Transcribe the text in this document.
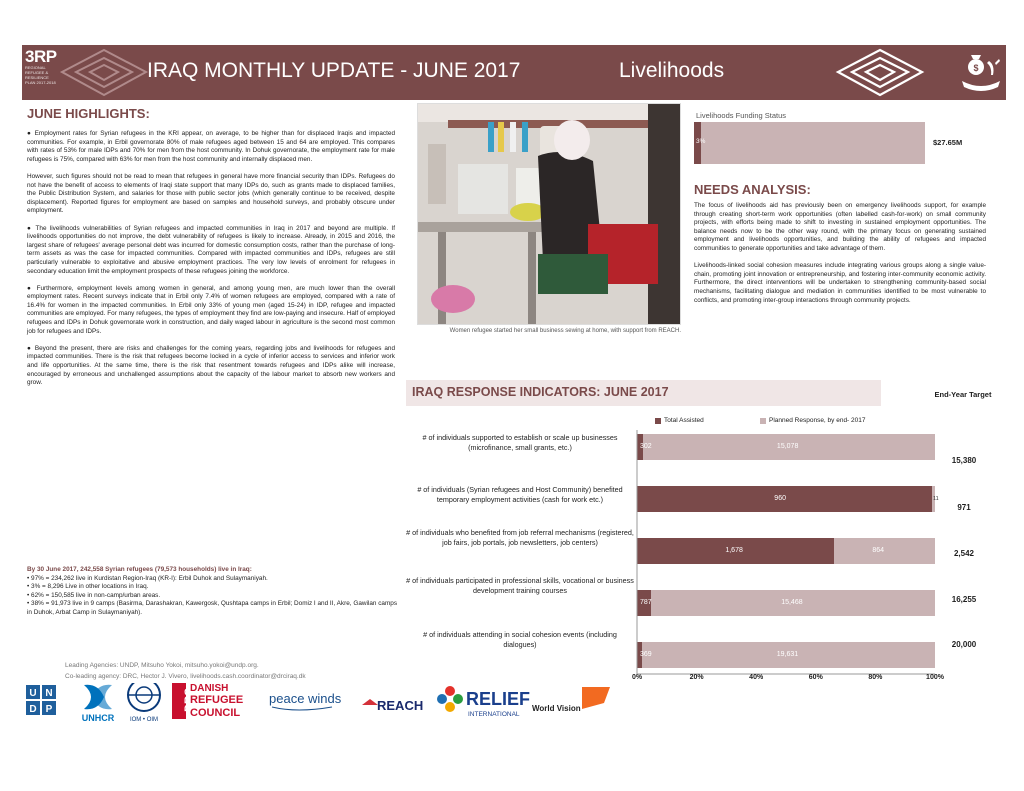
3RP
REGIONAL
REFUGEE &
RESILIENCE
PLAN 2017-2018
IRAQ MONTHLY UPDATE - JUNE 2017	Livelihoods	$
JUNE HIGHLIGHTS:

● Employment rates for Syrian refugees in the KRI appear, on average, to be higher than for displaced Iraqis and impacted communities. For example, in Erbil governorate 80% of male refugees aged between 15 and 64 are employed. This compares with rates of 53% for male IDPs and 70% for men from the host community. In Dohuk governorate, the employment rate for male refugees is 75%, compared with 63% for men from the host community and internally displaced men.

However, such figures should not be read to mean that refugees in general have more financial security than IDPs. Refugees do not have the benefit of access to elements of Iraqi state support that many IDPs do, such as grants made to displaced families, the Public Distribution System, and salaries for those with public sector jobs (which generally continue to be received, despite displacement). Reported figures for employment are based on samples and household surveys, and probably obscure under employment.

● The livelihoods vulnerabilities of Syrian refugees and impacted communities in Iraq in 2017 and beyond are multiple. If livelihoods opportunities do not improve, the debt vulnerability of refugees is likely to increase. Already, in 2015 and 2016, the largest share of refugees' average personal debt was incurred for domestic consumption costs, rather than the purchase of long-term assets as was the case for impacted communities. Compared with impacted communities and IDPs, refugees are still particularly vulnerable to exploitative and abusive employment practices. The very low levels of enrolment for refugees in secondary education limit the employment prospects of these refugees joining the workforce.

● Furthermore, employment levels among women in general, and among young men, are much lower than the overall employment rates. Recent surveys indicate that in Erbil only 7.4% of women refugees are employed, compared with a rate of 16.4% for women in the impacted communities. In Erbil only 33% of young men (aged 15-24) in IDP, refugee and impacted communities are employed. For many refugees, the types of employment they find are low-paying and insecure. Half of employed refugees and IDPs in Dohuk governorate work in construction, and daily waged labour in agriculture is the second most common job for refugees and IDPs.

● Beyond the present, there are risks and challenges for the coming years, regarding jobs and livelihoods for refugees and impacted communities. There is the risk that refugees become locked in a cycle of inferior access to services and inferior work and life opportunities. At the same time, there is the risk that resentment towards refugees and IDPs alike will increase, encouraged by erroneous and unchallenged assumptions about the capacity of the labour market to absorb new workers and grow.

By 30 June 2017, 242,558 Syrian refugees (79,573 households) live in Iraq:
• 97% = 234,262 live in Kurdistan Region-Iraq (KR-I): Erbil Duhok and Sulaymaniyah.
• 3% = 8,296 Live in other locations in Iraq.
• 62% = 150,585 live in non-camp/urban areas.
• 38% = 91,973 live in 9 camps (Basirma, Darashakran, Kawergosk, Qushtapa camps in Erbil; Domiz I and II, Akre, Gawilan camps in Duhok, Arbat Camp in Sulaymaniyah).
Women refugee started her small business sewing at home, with support from REACH.
Livelihoods Funding Status
3%	$27.65M
NEEDS ANALYSIS:

The focus of livelihoods aid has previously been on emergency livelihoods support, for example through creating short-term work opportunities (often labelled cash-for-work) on small community projects, with efforts being made to shift to investing in sustained employment opportunities. The balance needs now to be the other way round, with the primary focus on generating sustained employment and livelihoods opportunities, and building the ability of refugees and impacted communities to generate opportunities and take advantage of them.

Livelihoods-linked social cohesion measures include integrating various groups along a single value-chain, promoting joint innovation or entrepreneurship, and fostering inter-community economic activity. Furthermore, the direct interventions will be undertaken to strengthening community-based social mechanisms, facilitating dialogue and mediation in communities identified to be most vulnerable to conflicts, and promoting inter-group interactions through community projects.

IRAQ RESPONSE INDICATORS: JUNE 2017	End-Year Target
Total Assisted	Planned Response, by end- 2017
# of individuals supported to establish or scale up businesses (microfinance, small grants, etc.)	302	15,078
15,380
# of individuals (Syrian refugees and Host Community) benefited temporary employment activities (cash for work etc.)	960	11
971
# of individuals who benefited from job referral mechanisms (registered, job fairs, job portals, job newsletters, job centers)
1,678	864	2,542
# of individuals participated in professional skills, vocational or business development training courses
787	15,468	16,255
# of individuals attending in social cohesion events (including dialogues)
369	19,631
20,000
0%	20%	40%	60%	80%	100%
Leading Agencies: UNDP, Mitsuho Yokoi, mitsuho.yokoi@undp.org.
Co-leading agency: DRC, Hector J. Vivero, livelihoods.cash.coordinator@drciraq.dk
U N
D P
UNHCR	IOM • OIM
DRC
DANISH
REFUGEE
COUNCIL
peace winds	REACH RELIEF
INTERNATIONAL
World Vision
